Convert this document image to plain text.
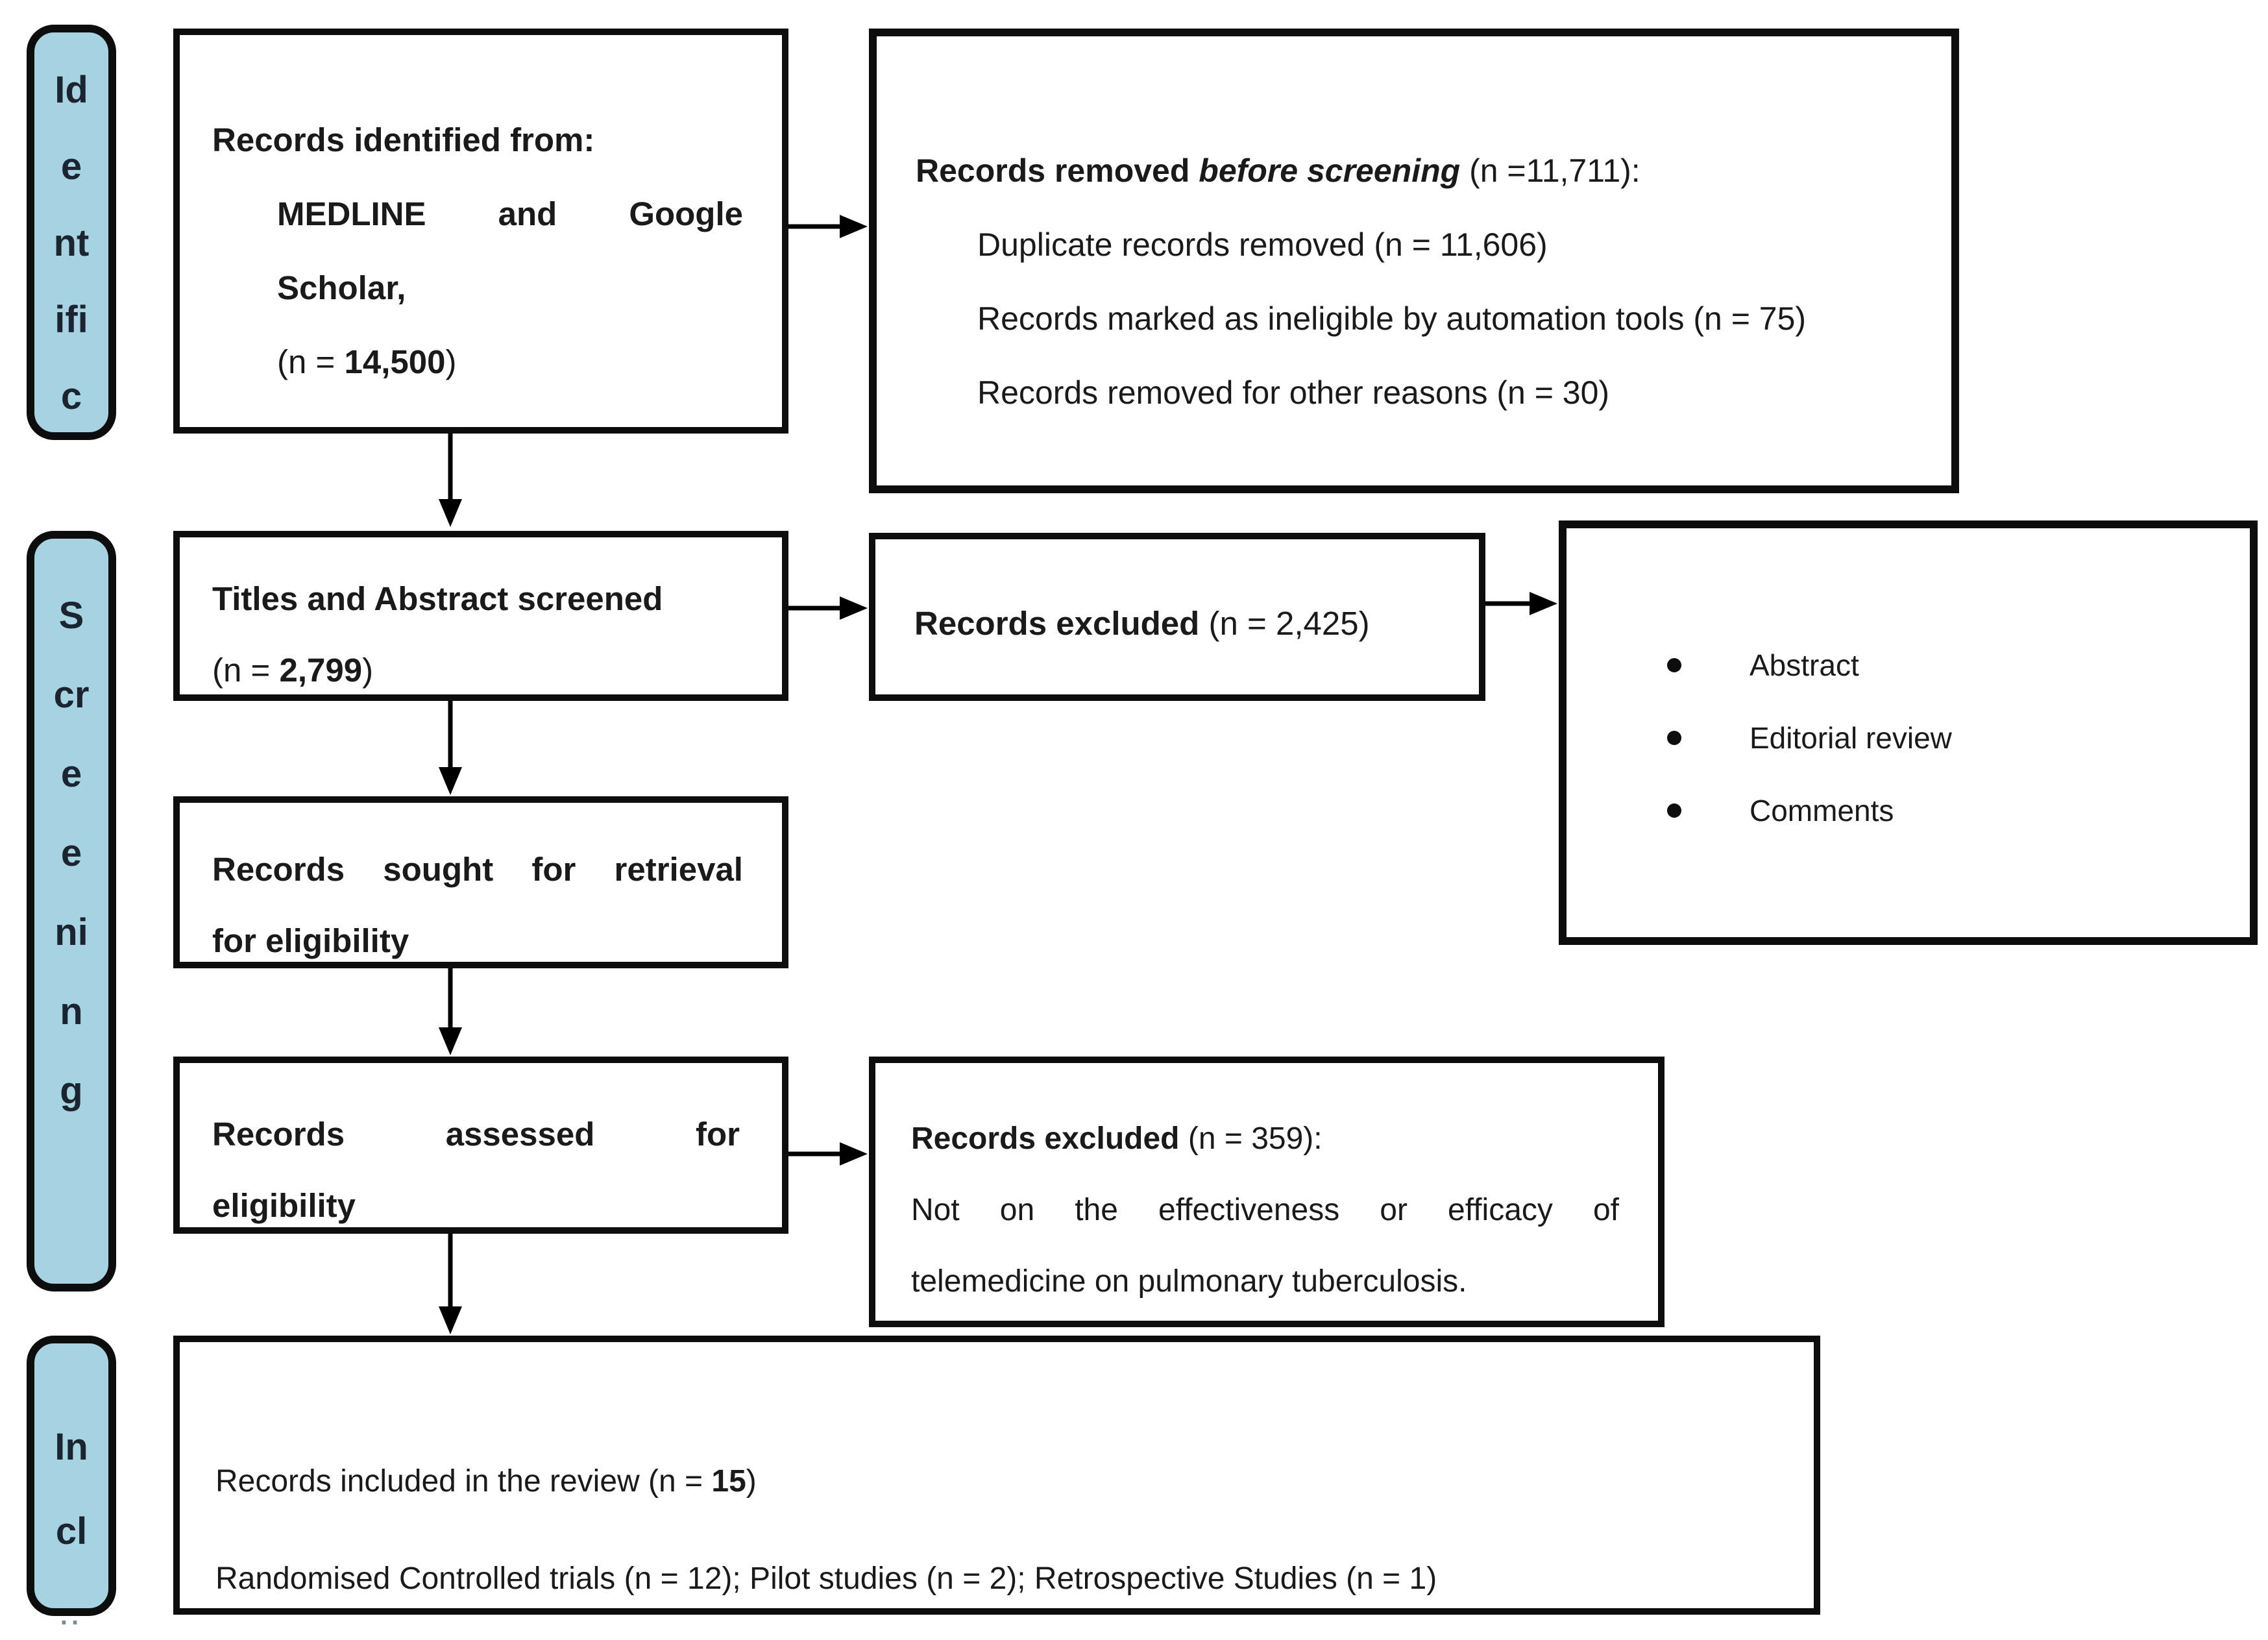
Id
e
nt
ifi
c
S
cr
e
e
ni
n
g
In
cl
..
Records identified from:
MEDLINE and Google
Scholar,
(n = 14,500)
Records removed before screening (n =11,711):
Duplicate records removed (n = 11,606)
Records marked as ineligible by automation tools (n = 75)
Records removed for other reasons (n = 30)
Titles and Abstract screened
(n = 2,799)
Records excluded (n = 2,425)
Abstract
Editorial review
Comments
Records sought for retrieval
for eligibility
Records	assessed	for
eligibility
Records excluded (n = 359):
Not on the effectiveness or efficacy of
telemedicine on pulmonary tuberculosis.
Records included in the review (n = 15)
Randomised Controlled trials (n = 12); Pilot studies (n = 2); Retrospective Studies (n = 1)
